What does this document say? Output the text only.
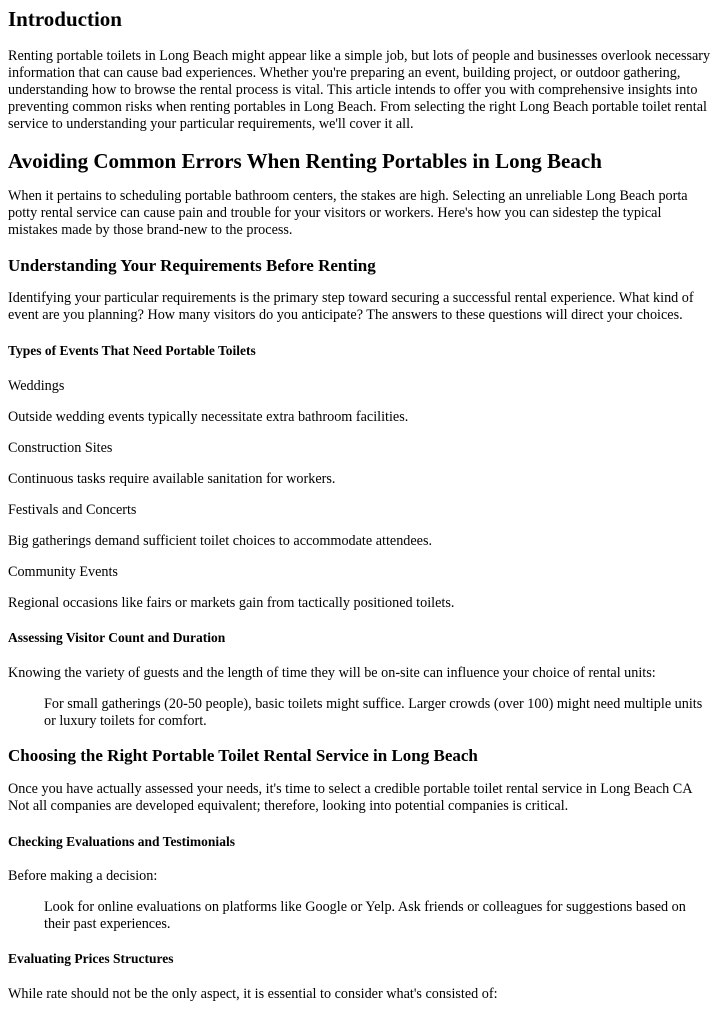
Introduction

Renting portable toilets in Long Beach might appear like a simple job, but lots of people and businesses overlook necessary information that can cause bad experiences. Whether you're preparing an event, building project, or outdoor gathering, understanding how to browse the rental process is vital. This article intends to offer you with comprehensive insights into preventing common risks when renting portables in Long Beach. From selecting the right Long Beach portable toilet rental service to understanding your particular requirements, we'll cover it all.

Avoiding Common Errors When Renting Portables in Long Beach

When it pertains to scheduling portable bathroom centers, the stakes are high. Selecting an unreliable Long Beach porta potty rental service can cause pain and trouble for your visitors or workers. Here's how you can sidestep the typical mistakes made by those brand-new to the process.

Understanding Your Requirements Before Renting

Identifying your particular requirements is the primary step toward securing a successful rental experience. What kind of event are you planning? How many visitors do you anticipate? The answers to these questions will direct your choices.

Types of Events That Need Portable Toilets

Weddings

Outside wedding events typically necessitate extra bathroom facilities.

Construction Sites

Continuous tasks require available sanitation for workers.

Festivals and Concerts

Big gatherings demand sufficient toilet choices to accommodate attendees.

Community Events

Regional occasions like fairs or markets gain from tactically positioned toilets.

Assessing Visitor Count and Duration

Knowing the variety of guests and the length of time they will be on-site can influence your choice of rental units:

For small gatherings (20-50 people), basic toilets might suffice. Larger crowds (over 100) might need multiple units or luxury toilets for comfort.
Choosing the Right Portable Toilet Rental Service in Long Beach

Once you have actually assessed your needs, it's time to select a credible portable toilet rental service in Long Beach CA Not all companies are developed equivalent; therefore, looking into potential companies is critical.

Checking Evaluations and Testimonials

Before making a decision:

Look for online evaluations on platforms like Google or Yelp. Ask friends or colleagues for suggestions based on their past experiences.
Evaluating Prices Structures

While rate should not be the only aspect, it is essential to consider what's consisted of:
